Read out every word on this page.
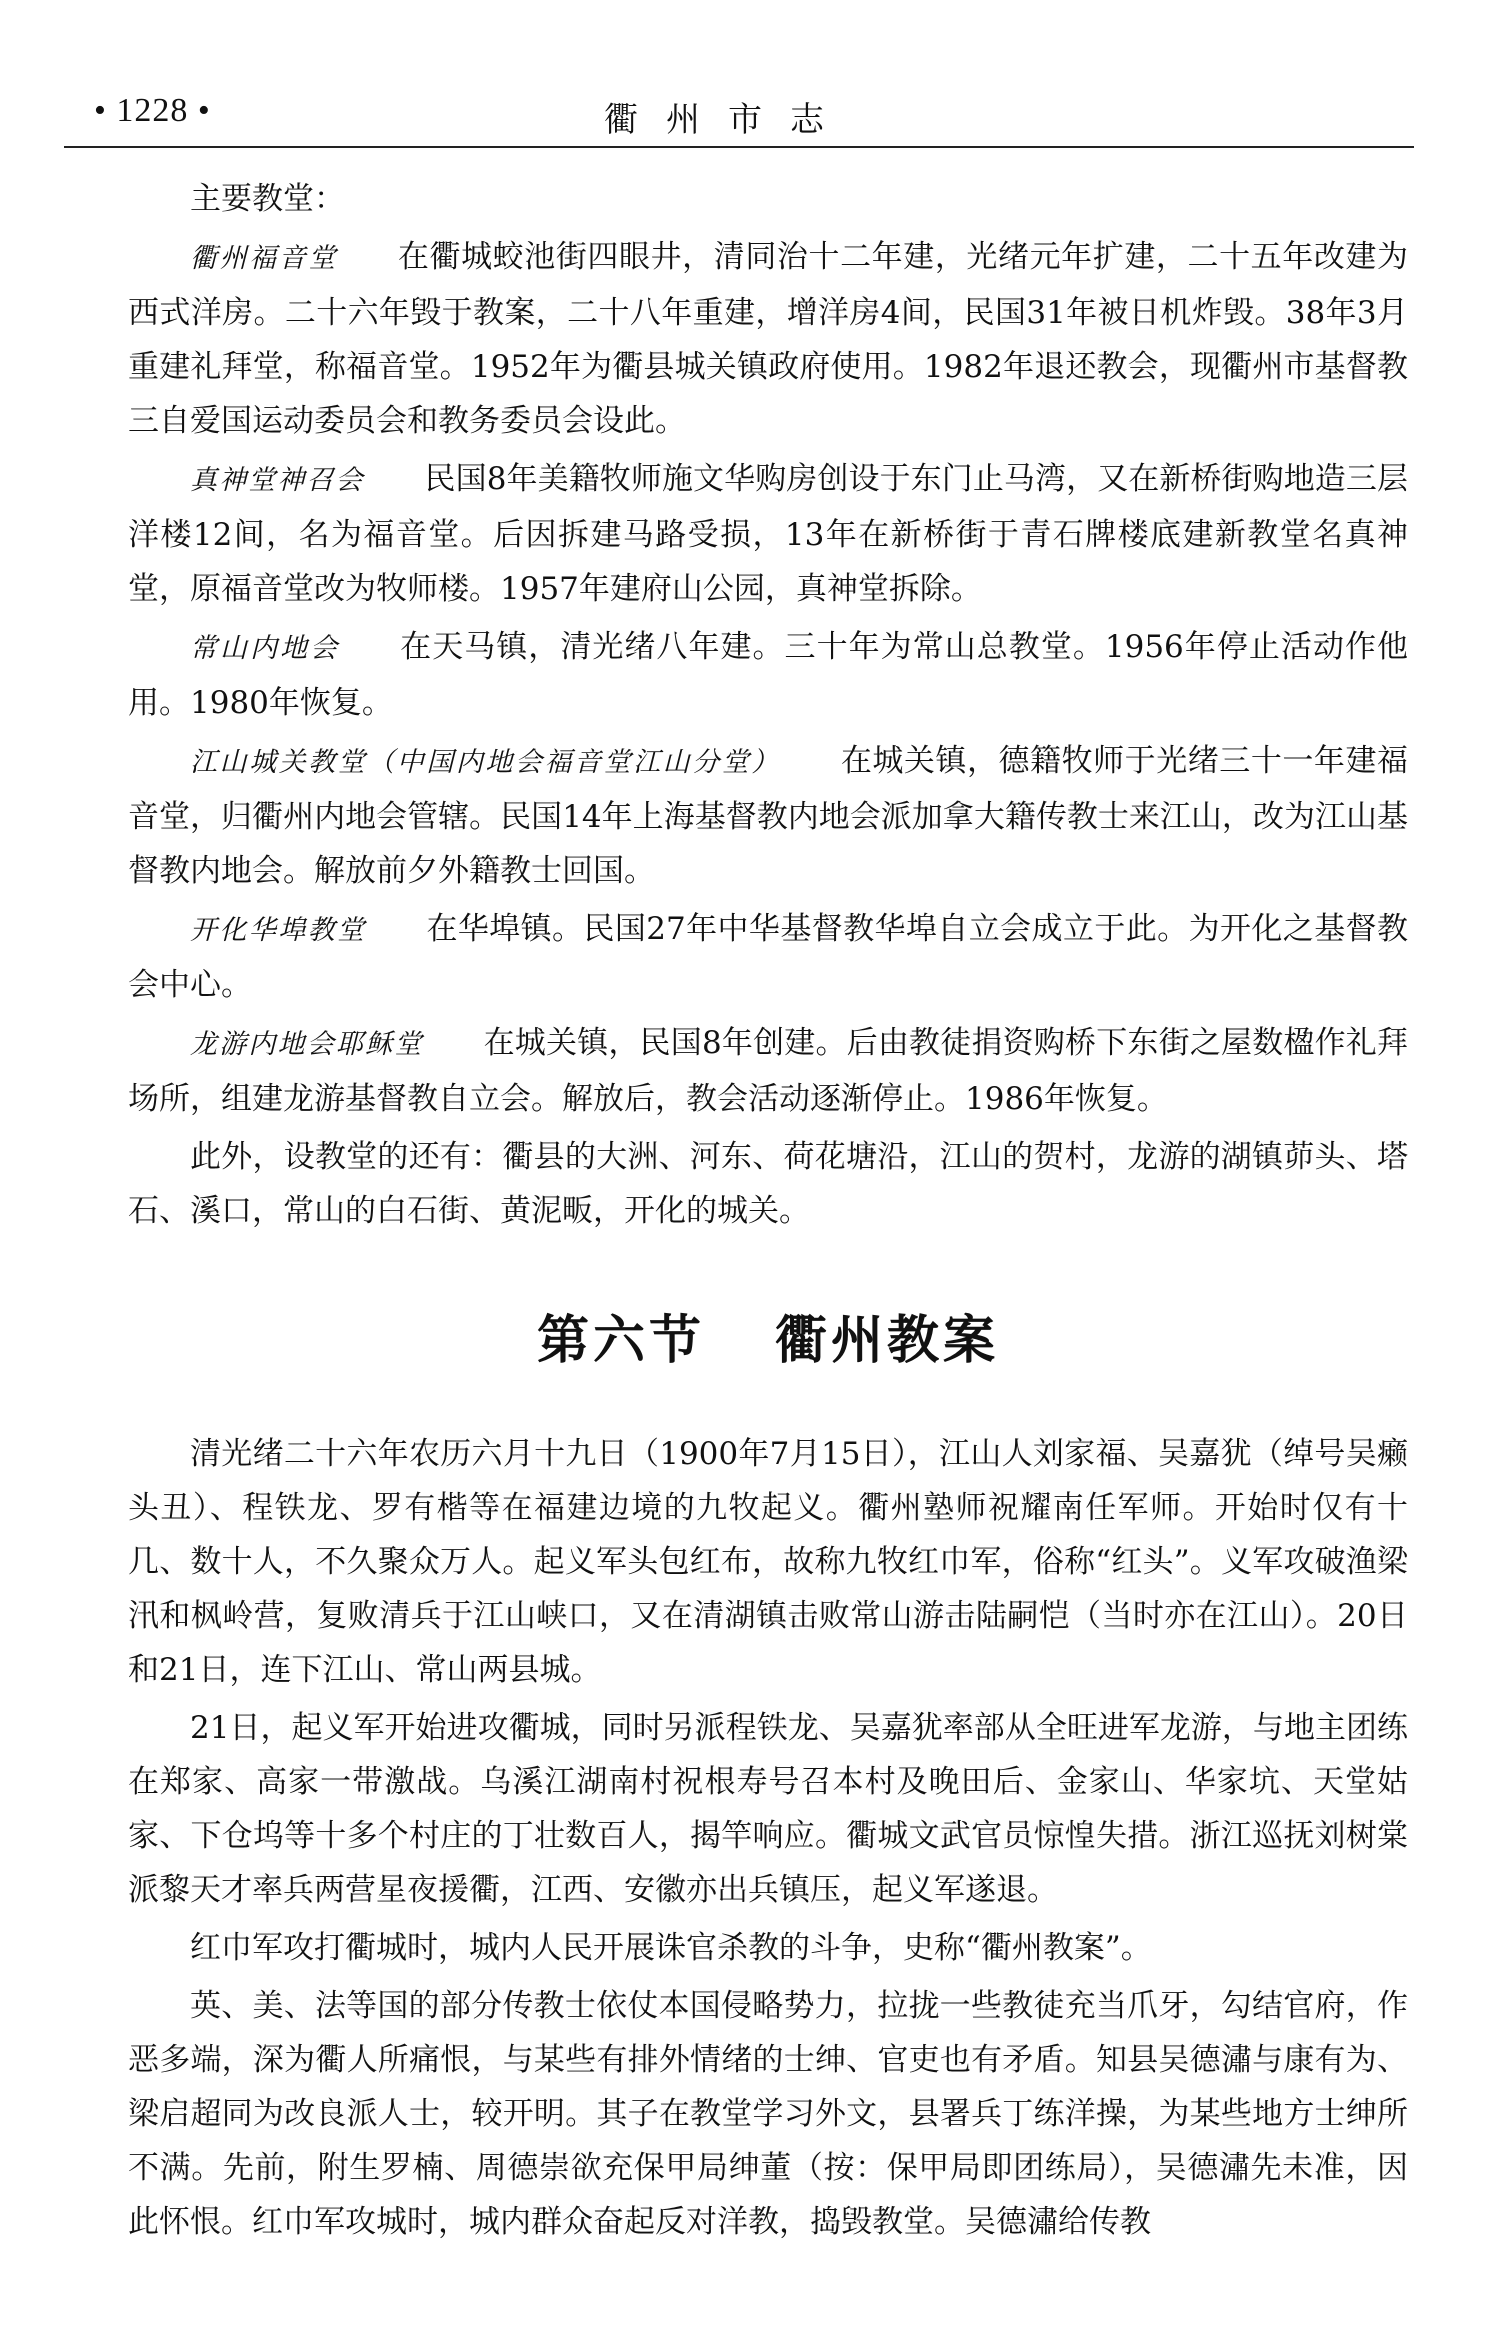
• 1228 •	衢州市志

主要教堂：

衢州福音堂 在衢城蛟池街四眼井，清同治十二年建，光绪元年扩建，二十五年改建为西式洋房。二十六年毁于教案，二十八年重建，增洋房4间，民国31年被日机炸毁。38年3月重建礼拜堂，称福音堂。1952年为衢县城关镇政府使用。1982年退还教会，现衢州市基督教三自爱国运动委员会和教务委员会设此。

真神堂神召会 民国8年美籍牧师施文华购房创设于东门止马湾，又在新桥街购地造三层洋楼12间，名为福音堂。后因拆建马路受损，13年在新桥街于青石牌楼底建新教堂名真神堂，原福音堂改为牧师楼。1957年建府山公园，真神堂拆除。

常山内地会 在天马镇，清光绪八年建。三十年为常山总教堂。1956年停止活动作他用。1980年恢复。

江山城关教堂（中国内地会福音堂江山分堂） 在城关镇，德籍牧师于光绪三十一年建福音堂，归衢州内地会管辖。民国14年上海基督教内地会派加拿大籍传教士来江山，改为江山基督教内地会。解放前夕外籍教士回国。

开化华埠教堂 在华埠镇。民国27年中华基督教华埠自立会成立于此。为开化之基督教会中心。

龙游内地会耶稣堂 在城关镇，民国8年创建。后由教徒捐资购桥下东街之屋数楹作礼拜场所，组建龙游基督教自立会。解放后，教会活动逐渐停止。1986年恢复。

此外，设教堂的还有：衢县的大洲、河东、荷花塘沿，江山的贺村，龙游的湖镇茆头、塔石、溪口，常山的白石街、黄泥畈，开化的城关。

第六节 衢州教案

清光绪二十六年农历六月十九日（1900年7月15日），江山人刘家福、吴嘉犹（绰号吴癞头丑）、程铁龙、罗有楷等在福建边境的九牧起义。衢州塾师祝耀南任军师。开始时仅有十几、数十人，不久聚众万人。起义军头包红布，故称九牧红巾军，俗称“红头”。义军攻破渔梁汛和枫岭营，复败清兵于江山峡口，又在清湖镇击败常山游击陆嗣恺（当时亦在江山）。20日和21日，连下江山、常山两县城。

21日，起义军开始进攻衢城，同时另派程铁龙、吴嘉犹率部从全旺进军龙游，与地主团练在郑家、高家一带激战。乌溪江湖南村祝根寿号召本村及晚田后、金家山、华家坑、天堂姑家、下仓坞等十多个村庄的丁壮数百人，揭竿响应。衢城文武官员惊惶失措。浙江巡抚刘树棠派黎天才率兵两营星夜援衢，江西、安徽亦出兵镇压，起义军遂退。

红巾军攻打衢城时，城内人民开展诛官杀教的斗争，史称“衢州教案”。

英、美、法等国的部分传教士依仗本国侵略势力，拉拢一些教徒充当爪牙，勾结官府，作恶多端，深为衢人所痛恨，与某些有排外情绪的士绅、官吏也有矛盾。知县吴德潚与康有为、梁启超同为改良派人士，较开明。其子在教堂学习外文，县署兵丁练洋操，为某些地方士绅所不满。先前，附生罗楠、周德崇欲充保甲局绅董（按：保甲局即团练局），吴德潚先未准，因此怀恨。红巾军攻城时，城内群众奋起反对洋教，捣毁教堂。吴德潚给传教
